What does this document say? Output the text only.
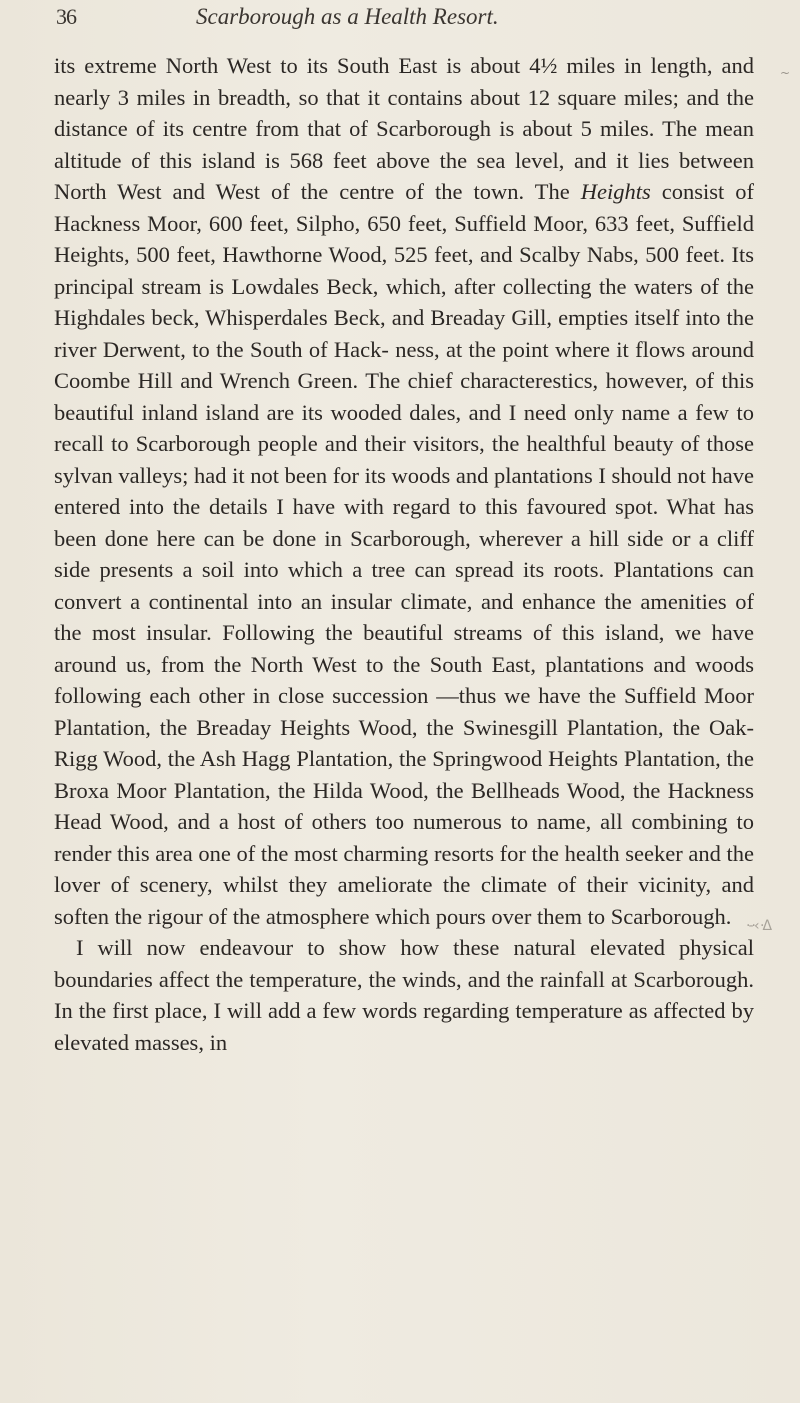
36	Scarborough as a Health Resort.
~

its extreme North West to its South East is about 4½ miles in length, and nearly 3 miles in breadth, so that it contains about 12 square miles; and the distance of its centre from that of Scarborough is about 5 miles. The mean altitude of this island is 568 feet above the sea level, and it lies between North West and West of the centre of the town. The Heights consist of Hackness Moor, 600 feet, Silpho, 650 feet, Suffield Moor, 633 feet, Suffield Heights, 500 feet, Hawthorne Wood, 525 feet, and Scalby Nabs, 500 feet. Its principal stream is Lowdales Beck, which, after collecting the waters of the Highdales beck, Whisperdales Beck, and Breaday Gill, empties itself into the river Derwent, to the South of Hack- ness, at the point where it flows around Coombe Hill and Wrench Green. The chief characterestics, however, of this beautiful inland island are its wooded dales, and I need only name a few to recall to Scarborough people and their visitors, the healthful beauty of those sylvan valleys; had it not been for its woods and plantations I should not have entered into the details I have with regard to this favoured spot. What has been done here can be done in Scarborough, wherever a hill side or a cliff side presents a soil into which a tree can spread its roots. Plantations can convert a continental into an insular climate, and enhance the amenities of the most insular. Following the beautiful streams of this island, we have around us, from the North West to the South East, plantations and woods following each other in close succession —thus we have the Suffield Moor Plantation, the Breaday Heights Wood, the Swinesgill Plantation, the Oak-Rigg Wood, the Ash Hagg Plantation, the Springwood Heights Plantation, the Broxa Moor Plantation, the Hilda Wood, the Bellheads Wood, the Hackness Head Wood, and a host of others too numerous to name, all combining to render this area one of the most charming resorts for the health seeker and the lover of scenery, whilst they ameliorate the climate of their vicinity, and soften the rigour of the atmosphere which pours over them to Scarborough.

I will now endeavour to show how these natural elevated physical boundaries affect the temperature, the winds, and the rainfall at Scarborough. In the first place, I will add a few words regarding temperature as affected by elevated masses, in

·-·‹ ·ᐃ
